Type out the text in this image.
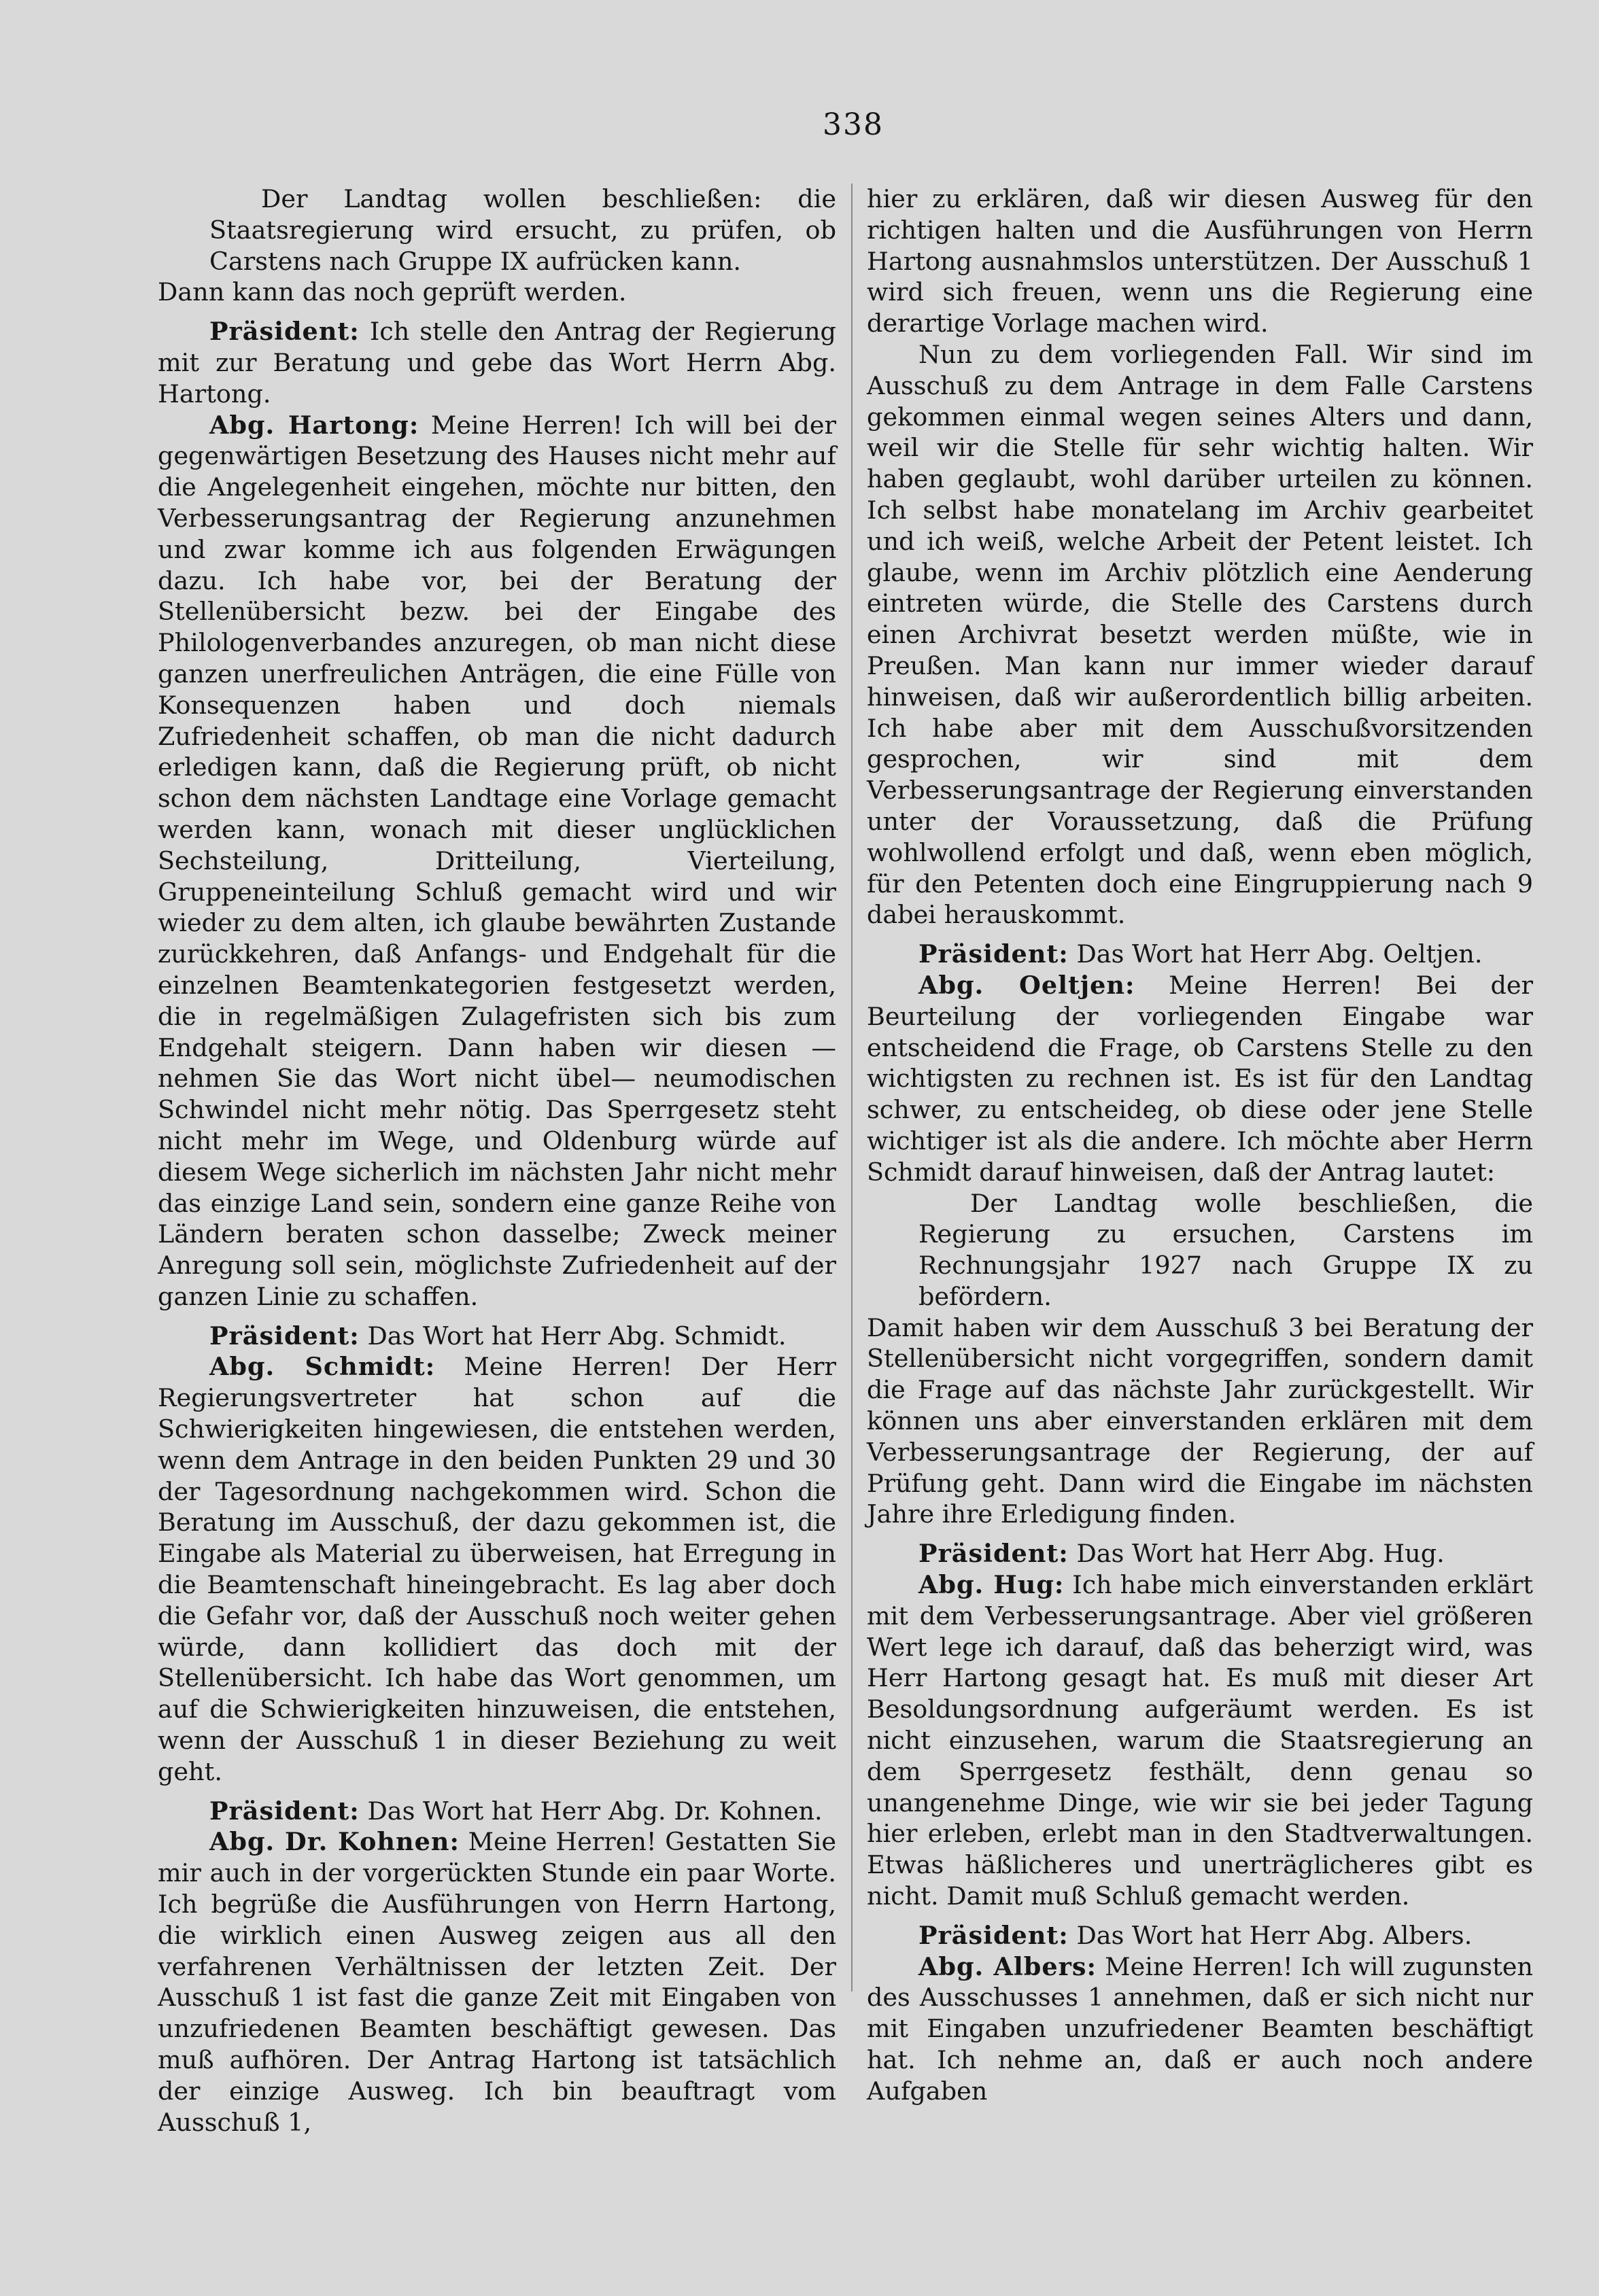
338

Der Landtag wollen beschließen: die Staatsregierung wird ersucht, zu prüfen, ob Carstens nach Gruppe IX aufrücken kann.

Dann kann das noch geprüft werden.

Präsident: Ich stelle den Antrag der Regierung mit zur Beratung und gebe das Wort Herrn Abg. Hartong.

Abg. Hartong: Meine Herren! Ich will bei der gegenwärtigen Besetzung des Hauses nicht mehr auf die Angelegenheit eingehen, möchte nur bitten, den Verbesserungsantrag der Regierung anzunehmen und zwar komme ich aus folgenden Erwägungen dazu. Ich habe vor, bei der Beratung der Stellenübersicht bezw. bei der Eingabe des Philologenverbandes anzuregen, ob man nicht diese ganzen unerfreulichen Anträgen, die eine Fülle von Konsequenzen haben und doch niemals Zufriedenheit schaffen, ob man die nicht dadurch erledigen kann, daß die Regierung prüft, ob nicht schon dem nächsten Landtage eine Vorlage gemacht werden kann, wonach mit dieser unglücklichen Sechsteilung, Dritteilung, Vierteilung, Gruppeneinteilung Schluß gemacht wird und wir wieder zu dem alten, ich glaube bewährten Zustande zurückkehren, daß Anfangs- und Endgehalt für die einzelnen Beamtenkategorien festgesetzt werden, die in regelmäßigen Zulagefristen sich bis zum Endgehalt steigern. Dann haben wir diesen —nehmen Sie das Wort nicht übel— neumodischen Schwindel nicht mehr nötig. Das Sperrgesetz steht nicht mehr im Wege, und Oldenburg würde auf diesem Wege sicherlich im nächsten Jahr nicht mehr das einzige Land sein, sondern eine ganze Reihe von Ländern beraten schon dasselbe; Zweck meiner Anregung soll sein, möglichste Zufriedenheit auf der ganzen Linie zu schaffen.

Präsident: Das Wort hat Herr Abg. Schmidt.

Abg. Schmidt: Meine Herren! Der Herr Regierungsvertreter hat schon auf die Schwierigkeiten hingewiesen, die entstehen werden, wenn dem Antrage in den beiden Punkten 29 und 30 der Tagesordnung nachgekommen wird. Schon die Beratung im Ausschuß, der dazu gekommen ist, die Eingabe als Material zu überweisen, hat Erregung in die Beamtenschaft hineingebracht. Es lag aber doch die Gefahr vor, daß der Ausschuß noch weiter gehen würde, dann kollidiert das doch mit der Stellenübersicht. Ich habe das Wort genommen, um auf die Schwierigkeiten hinzuweisen, die entstehen, wenn der Ausschuß 1 in dieser Beziehung zu weit geht.

Präsident: Das Wort hat Herr Abg. Dr. Kohnen.

Abg. Dr. Kohnen: Meine Herren! Gestatten Sie mir auch in der vorgerückten Stunde ein paar Worte. Ich begrüße die Ausführungen von Herrn Hartong, die wirklich einen Ausweg zeigen aus all den verfahrenen Verhältnissen der letzten Zeit. Der Ausschuß 1 ist fast die ganze Zeit mit Eingaben von unzufriedenen Beamten beschäftigt gewesen. Das muß aufhören. Der Antrag Hartong ist tatsächlich der einzige Ausweg. Ich bin beauftragt vom Ausschuß 1,

hier zu erklären, daß wir diesen Ausweg für den richtigen halten und die Ausführungen von Herrn Hartong ausnahmslos unterstützen. Der Ausschuß 1 wird sich freuen, wenn uns die Regierung eine derartige Vorlage machen wird.

Nun zu dem vorliegenden Fall. Wir sind im Ausschuß zu dem Antrage in dem Falle Carstens gekommen einmal wegen seines Alters und dann, weil wir die Stelle für sehr wichtig halten. Wir haben geglaubt, wohl darüber urteilen zu können. Ich selbst habe monatelang im Archiv gearbeitet und ich weiß, welche Arbeit der Petent leistet. Ich glaube, wenn im Archiv plötzlich eine Aenderung eintreten würde, die Stelle des Carstens durch einen Archivrat besetzt werden müßte, wie in Preußen. Man kann nur immer wieder darauf hinweisen, daß wir außerordentlich billig arbeiten. Ich habe aber mit dem Ausschußvorsitzenden gesprochen, wir sind mit dem Verbesserungsantrage der Regierung einverstanden unter der Voraussetzung, daß die Prüfung wohlwollend erfolgt und daß, wenn eben möglich, für den Petenten doch eine Eingruppierung nach 9 dabei herauskommt.

Präsident: Das Wort hat Herr Abg. Oeltjen.

Abg. Oeltjen: Meine Herren! Bei der Beurteilung der vorliegenden Eingabe war entscheidend die Frage, ob Carstens Stelle zu den wichtigsten zu rechnen ist. Es ist für den Landtag schwer, zu entscheideg, ob diese oder jene Stelle wichtiger ist als die andere. Ich möchte aber Herrn Schmidt darauf hinweisen, daß der Antrag lautet:

Der Landtag wolle beschließen, die Regierung zu ersuchen, Carstens im Rechnungsjahr 1927 nach Gruppe IX zu befördern.

Damit haben wir dem Ausschuß 3 bei Beratung der Stellenübersicht nicht vorgegriffen, sondern damit die Frage auf das nächste Jahr zurückgestellt. Wir können uns aber einverstanden erklären mit dem Verbesserungsantrage der Regierung, der auf Prüfung geht. Dann wird die Eingabe im nächsten Jahre ihre Erledigung finden.

Präsident: Das Wort hat Herr Abg. Hug.

Abg. Hug: Ich habe mich einverstanden erklärt mit dem Verbesserungsantrage. Aber viel größeren Wert lege ich darauf, daß das beherzigt wird, was Herr Hartong gesagt hat. Es muß mit dieser Art Besoldungsordnung aufgeräumt werden. Es ist nicht einzusehen, warum die Staatsregierung an dem Sperrgesetz festhält, denn genau so unangenehme Dinge, wie wir sie bei jeder Tagung hier erleben, erlebt man in den Stadtverwaltungen. Etwas häßlicheres und unerträglicheres gibt es nicht. Damit muß Schluß gemacht werden.

Präsident: Das Wort hat Herr Abg. Albers.

Abg. Albers: Meine Herren! Ich will zugunsten des Ausschusses 1 annehmen, daß er sich nicht nur mit Eingaben unzufriedener Beamten beschäftigt hat. Ich nehme an, daß er auch noch andere Aufgaben
